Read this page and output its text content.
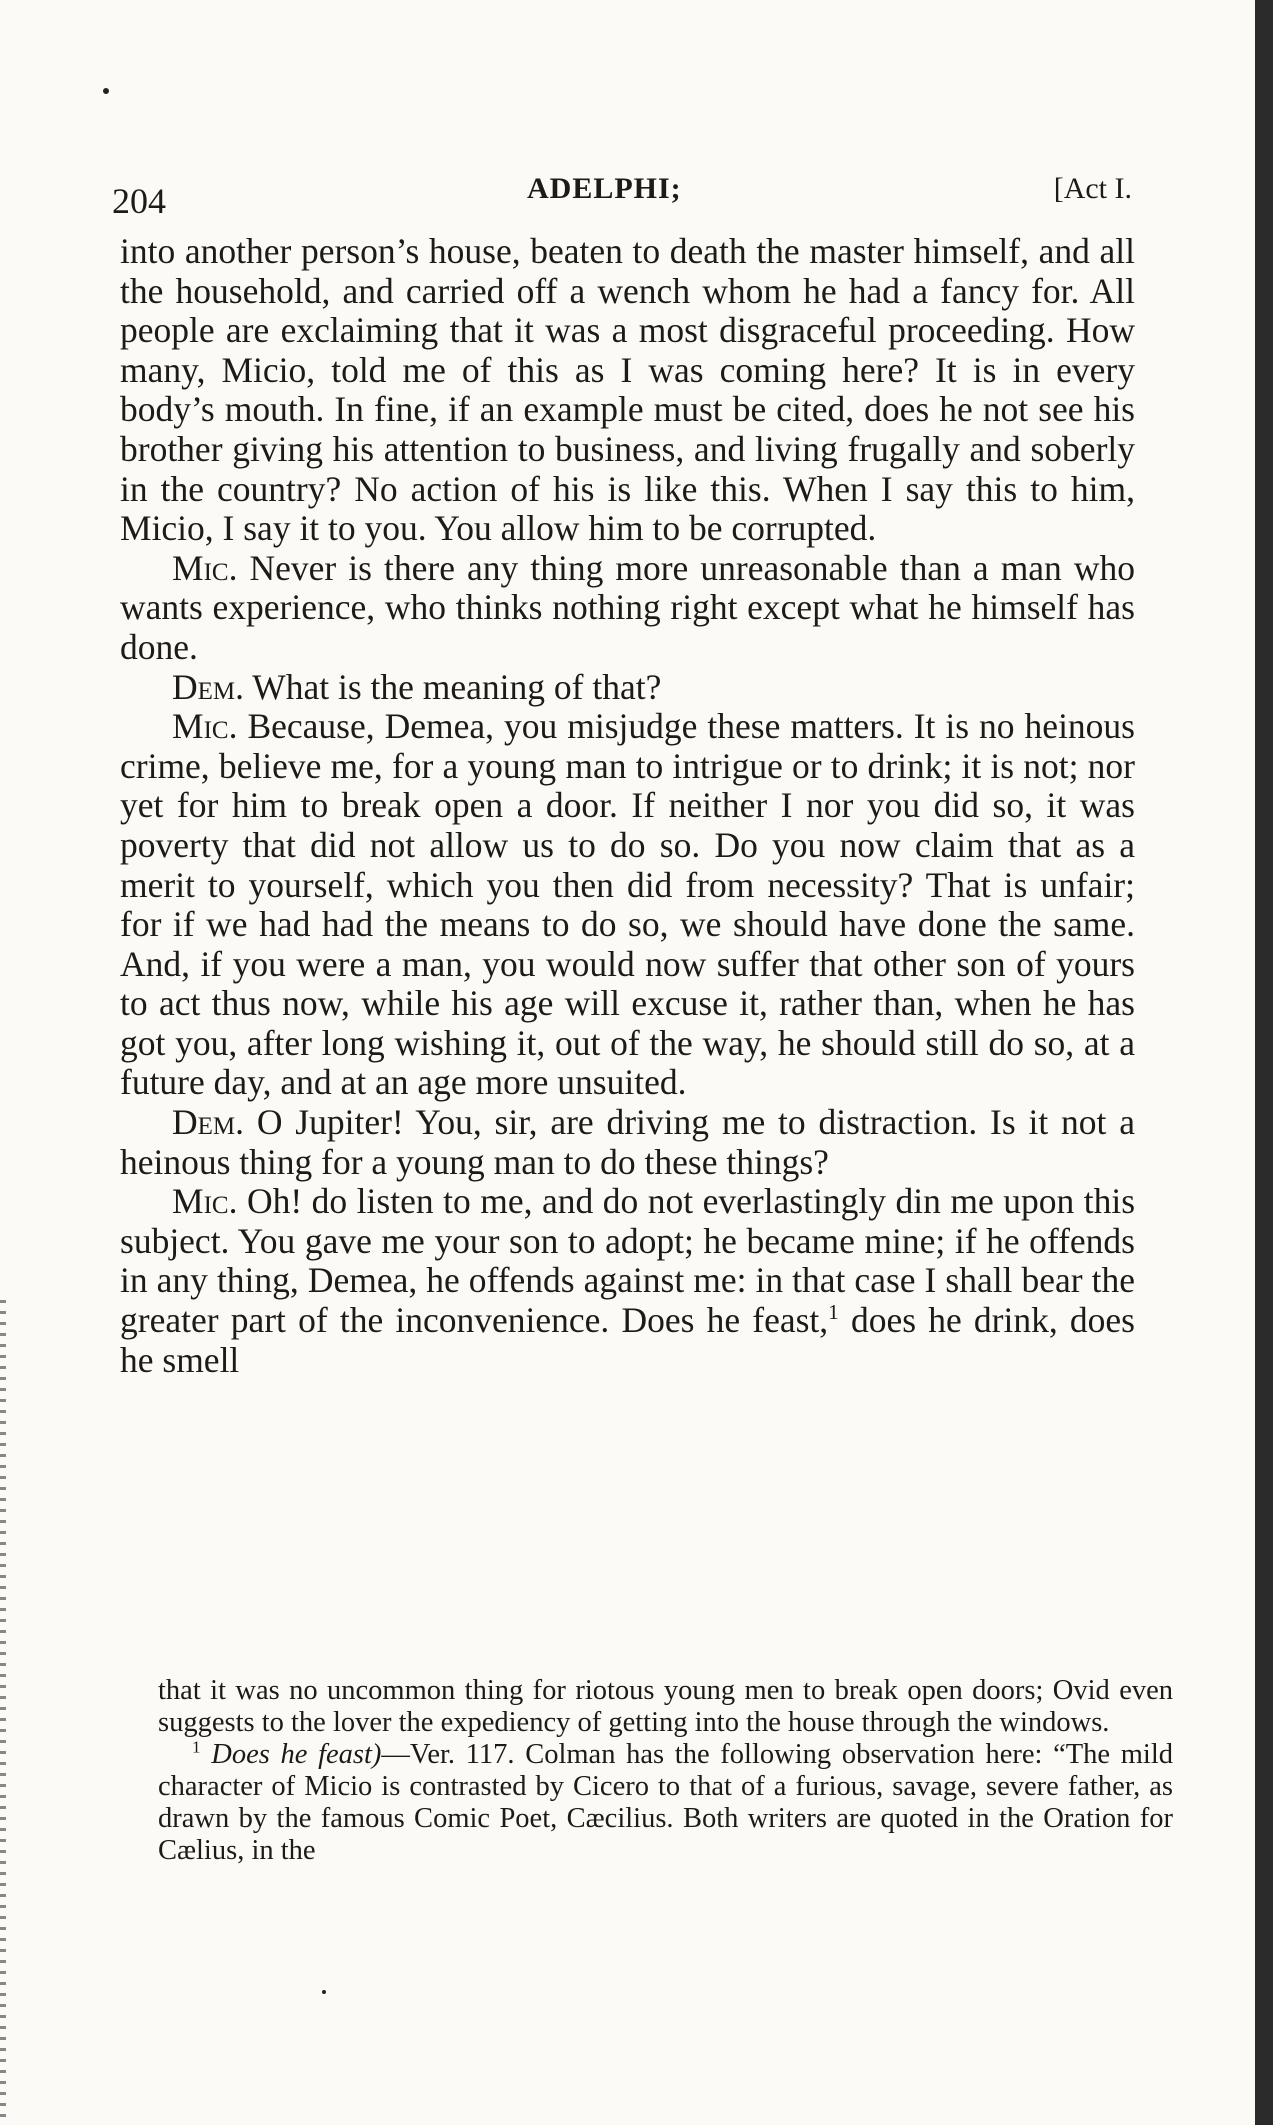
204	ADELPHI;	[Act I.

into another person’s house, beaten to death the master himself, and all the household, and carried off a wench whom he had a fancy for. All people are exclaiming that it was a most disgraceful proceeding. How many, Micio, told me of this as I was coming here? It is in every body’s mouth. In fine, if an example must be cited, does he not see his brother giving his attention to business, and living frugally and soberly in the country? No action of his is like this. When I say this to him, Micio, I say it to you. You allow him to be corrupted.

Mic. Never is there any thing more unreasonable than a man who wants experience, who thinks nothing right except what he himself has done.

Dem. What is the meaning of that?

Mic. Because, Demea, you misjudge these matters. It is no heinous crime, believe me, for a young man to intrigue or to drink; it is not; nor yet for him to break open a door. If neither I nor you did so, it was poverty that did not allow us to do so. Do you now claim that as a merit to yourself, which you then did from necessity? That is unfair; for if we had had the means to do so, we should have done the same. And, if you were a man, you would now suffer that other son of yours to act thus now, while his age will excuse it, rather than, when he has got you, after long wishing it, out of the way, he should still do so, at a future day, and at an age more unsuited.

Dem. O Jupiter! You, sir, are driving me to distraction. Is it not a heinous thing for a young man to do these things?

Mic. Oh! do listen to me, and do not everlastingly din me upon this subject. You gave me your son to adopt; he became mine; if he offends in any thing, Demea, he offends against me: in that case I shall bear the greater part of the inconvenience. Does he feast,$^1$ does he drink, does he smell

that it was no uncommon thing for riotous young men to break open doors; Ovid even suggests to the lover the expediency of getting into the house through the windows.

$^1$ Does he feast)—Ver. 117. Colman has the following observation here: “The mild character of Micio is contrasted by Cicero to that of a furious, savage, severe father, as drawn by the famous Comic Poet, Cæcilius. Both writers are quoted in the Oration for Cælius, in the
